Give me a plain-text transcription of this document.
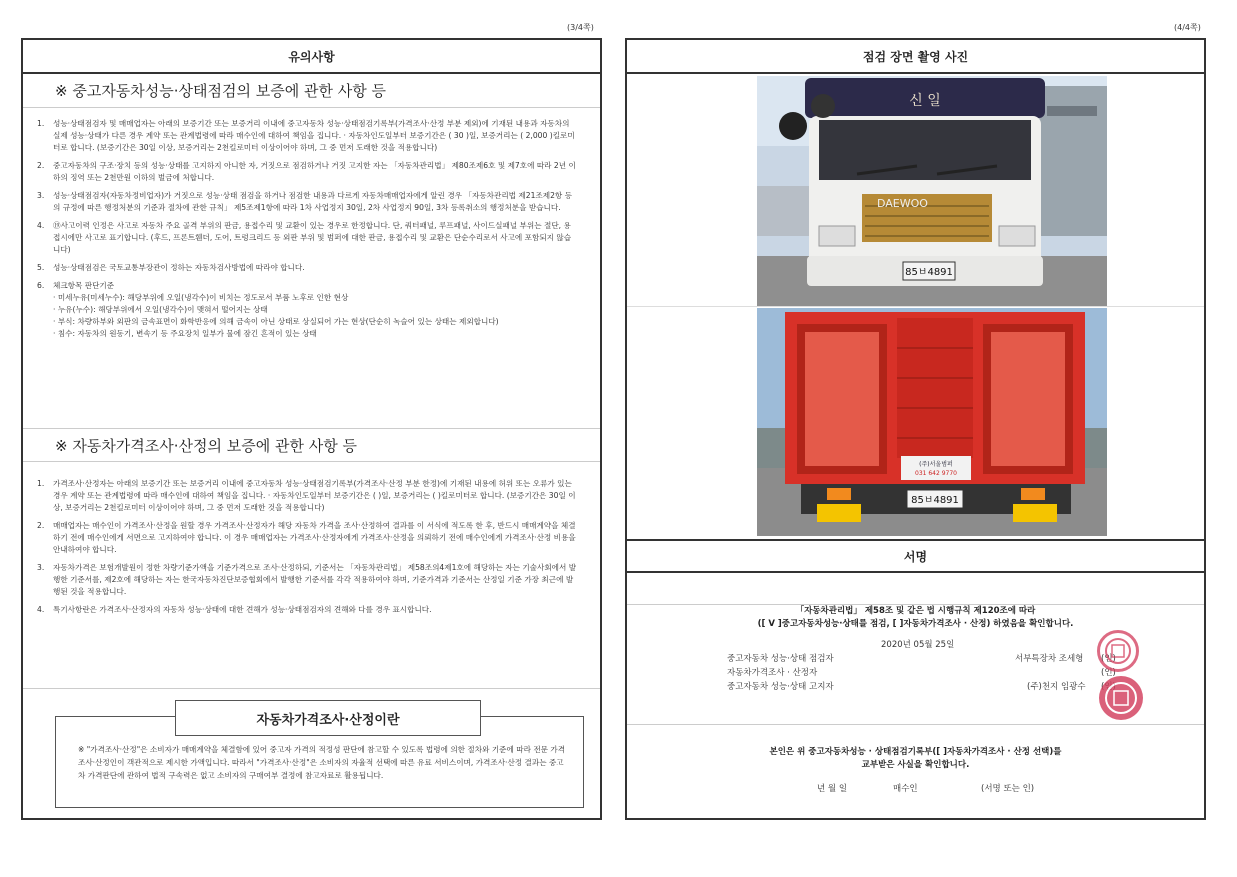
(3/4쪽)	(4/4쪽)
유의사항
※ 중고자동차성능·상태점검의 보증에 관한 사항 등
1.	성능·상태점검자 및 매매업자는 아래의 보증기간 또는 보증거리 이내에 중고자동차 성능·상태점검기록부(가격조사·산정 부분 제외)에 기재된 내용과 자동차의 실제 성능·상태가 다른 경우 계약 또는 관계법령에 따라 매수인에 대하여 책임을 집니다. · 자동차인도일부터 보증기간은 ( 30 )일, 보증거리는 ( 2,000 )킬로미터로 합니다. (보증기간은 30일 이상, 보증거리는 2천킬로미터 이상이어야 하며, 그 중 먼저 도래한 것을 적용합니다)
2.	중고자동차의 구조·장치 등의 성능·상태를 고지하지 아니한 자, 거짓으로 점검하거나 거짓 고지한 자는 「자동차관리법」 제80조제6호 및 제7호에 따라 2년 이하의 징역 또는 2천만원 이하의 벌금에 처합니다.
3.	성능·상태점검자(자동차정비업자)가 거짓으로 성능·상태 점검을 하거나 점검한 내용과 다르게 자동차매매업자에게 알린 경우 「자동차관리법 제21조제2항 등의 규정에 따른 행정처분의 기준과 절차에 관한 규칙」 제5조제1항에 따라 1차 사업정지 30일, 2차 사업정지 90일, 3차 등록취소의 행정처분을 받습니다.
4.	⑲사고이력 인정은 사고로 자동차 주요 골격 부위의 판금, 용접수리 및 교환이 있는 경우로 한정합니다. 단, 쿼터패널, 루프패널, 사이드실패널 부위는 절단, 용접시에만 사고로 표기합니다. (후드, 프론트휀더, 도어, 트렁크리드 등 외판 부위 및 범퍼에 대한 판금, 용접수리 및 교환은 단순수리로서 사고에 포함되지 않습니다)
5.	성능·상태점검은 국토교통부장관이 정하는 자동차검사방법에 따라야 합니다.
6.	체크항목 판단기준
· 미세누유(미세누수): 해당부위에 오일(냉각수)이 비치는 정도로서 부품 노후로 인한 현상
· 누유(누수): 해당부위에서 오일(냉각수)이 맺혀서 떨어지는 상태
· 부식: 차량하부와 외판의 금속표면이 화학반응에 의해 금속이 아닌 상태로 상실되어 가는 현상(단순히 녹슬어 있는 상태는 제외합니다)
· 침수: 자동차의 원동기, 변속기 등 주요장치 일부가 물에 잠긴 흔적이 있는 상태
※ 자동차가격조사·산정의 보증에 관한 사항 등
1.	가격조사·산정자는 아래의 보증기간 또는 보증거리 이내에 중고자동차 성능·상태점검기록부(가격조사·산정 부분 한정)에 기재된 내용에 허위 또는 오류가 있는 경우 계약 또는 관계법령에 따라 매수인에 대하여 책임을 집니다. · 자동차인도일부터 보증기간은 ( )일, 보증거리는 ( )킬로미터로 합니다. (보증기간은 30일 이상, 보증거리는 2천킬로미터 이상이어야 하며, 그 중 먼저 도래한 것을 적용합니다)
2.	매매업자는 매수인이 가격조사·산정을 원할 경우 가격조사·산정자가 해당 자동차 가격을 조사·산정하여 결과를 이 서식에 적도록 한 후, 반드시 매매계약을 체결하기 전에 매수인에게 서면으로 고지하여야 합니다. 이 경우 매매업자는 가격조사·산정자에게 가격조사·산정을 의뢰하기 전에 매수인에게 가격조사·산정 비용을 안내하여야 합니다.
3.	자동차가격은 보험개발원이 정한 차량기준가액을 기준가격으로 조사·산정하되, 기준서는 「자동차관리법」 제58조의4제1호에 해당하는 자는 기술사회에서 발행한 기준서를, 제2호에 해당하는 자는 한국자동차진단보증협회에서 발행한 기준서를 각각 적용하여야 하며, 기준가격과 기준서는 산정일 기준 가장 최근에 발행된 것을 적용합니다.
4.	특기사항란은 가격조사·산정자의 자동차 성능·상태에 대한 견해가 성능·상태점검자의 견해와 다를 경우 표시합니다.
※ "가격조사·산정"은 소비자가 매매계약을 체결함에 있어 중고자 가격의 적정성 판단에 참고할 수 있도록 법령에 의한 절차와 기준에 따라 전문 가격조사·산정인이 객관적으로 제시한 가액입니다. 따라서 "가격조사·산정"은 소비자의 자율적 선택에 따른 유료 서비스이며, 가격조사·산정 결과는 중고차 가격판단에 관하여 법적 구속력은 없고 소비자의 구매여부 결정에 참고자료로 활용됩니다.
자동차가격조사·산정이란
점검 장면 촬영 사진
신 일
DAEWOO
85ㅂ4891
(주)서울범퍼
031 642 9770
85ㅂ4891
서명
「자동차관리법」 제58조 및 같은 법 시행규칙 제120조에 따라
([ V ]중고자동차성능·상태를 점검, [ ]자동차가격조사 · 산정) 하였음을 확인합니다.
2020년 05월 25일
중고자동차 성능·상태 점검자	서부특장차 조세형 (인)
자동차가격조사 · 산정자	(인)
중고자동차 성능·상태 고지자	(주)천지 임광수
본인은 위 중고자동차성능 · 상태점검기록부([ ]자동차가격조사 · 산정 선택)를
교부받은 사실을 확인합니다.
년 월 일	매수인	(서명 또는 인)
